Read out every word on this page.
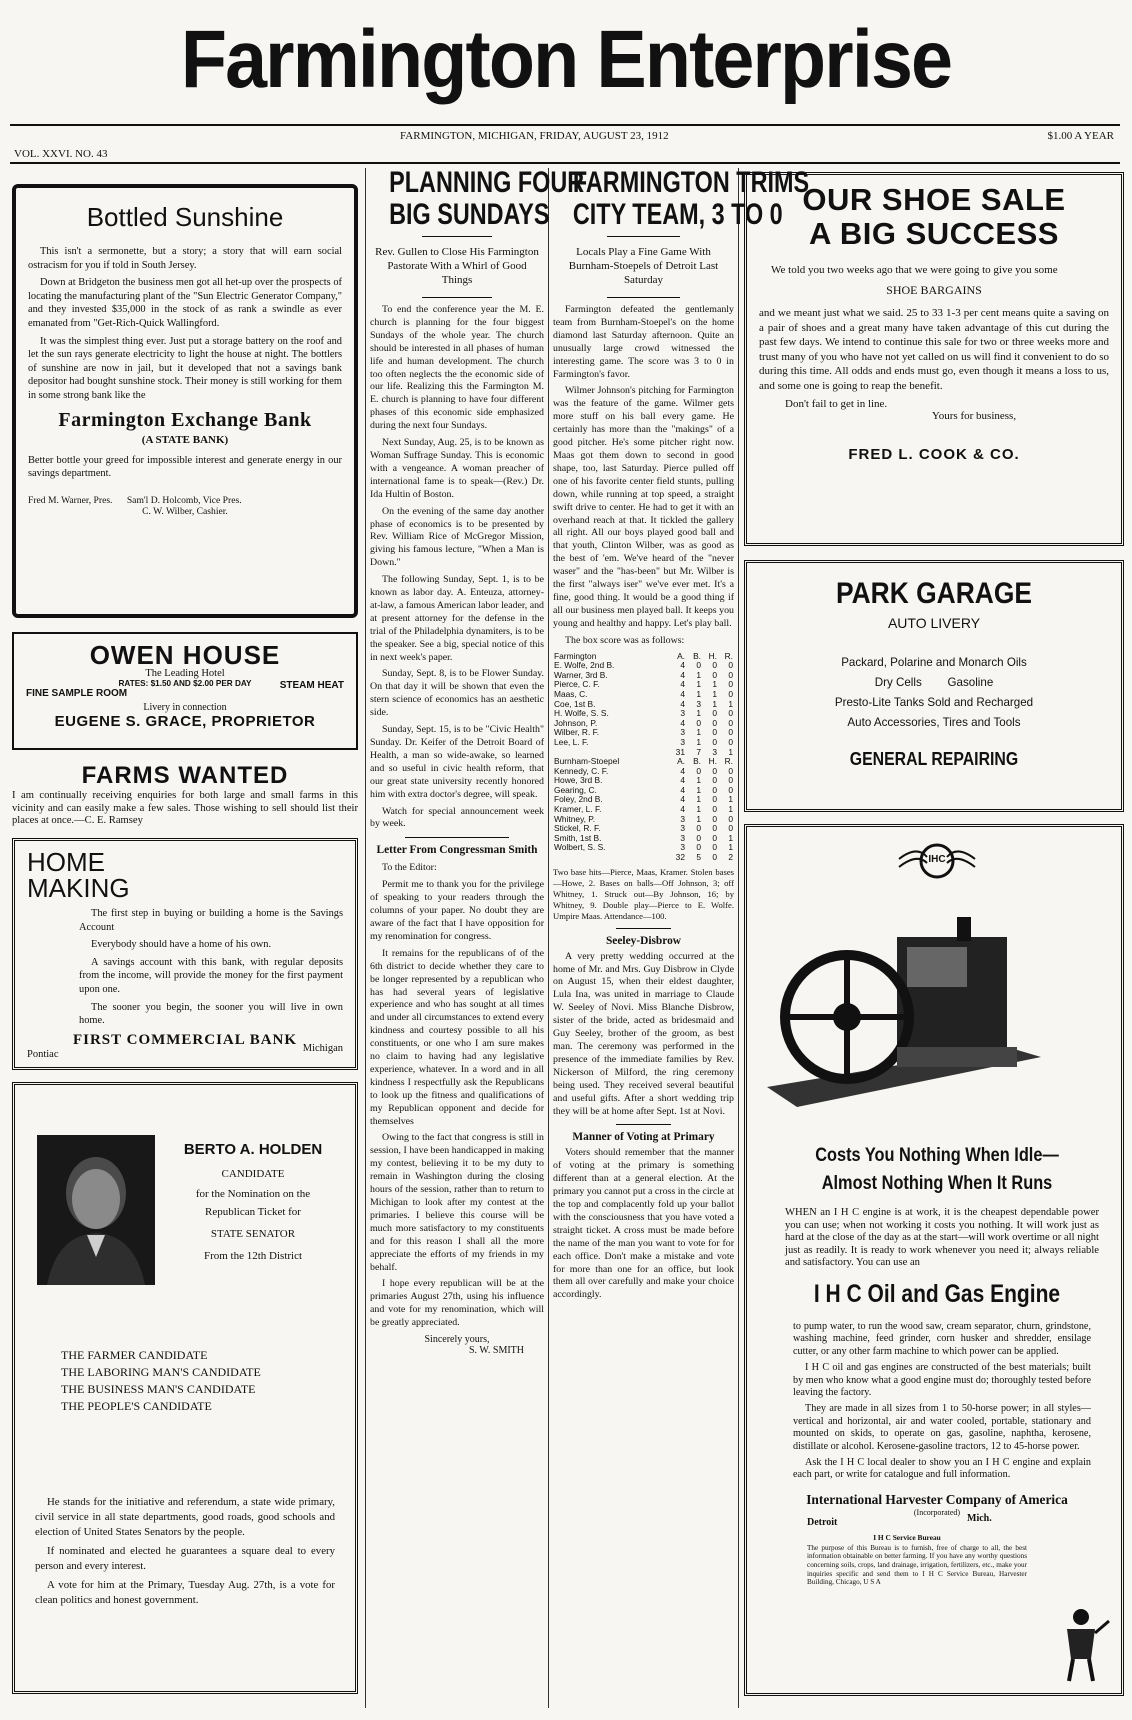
Farmington Enterprise
VOL. XXVI. NO. 43
FARMINGTON, MICHIGAN, FRIDAY, AUGUST 23, 1912	$1.00 A YEAR
Bottled Sunshine

This isn't a sermonette, but a story; a story that will earn social ostracism for you if told in South Jersey.

Down at Bridgeton the business men got all het-up over the prospects of locating the manufacturing plant of the "Sun Electric Generator Company," and they invested $35,000 in the stock of as rank a swindle as ever emanated from "Get-Rich-Quick Wallingford.

It was the simplest thing ever. Just put a storage battery on the roof and let the sun rays generate electricity to light the house at night. The bottlers of sunshine are now in jail, but it developed that not a savings bank depositor had bought sunshine stock. Their money is still working for them in some strong bank like the

Farmington Exchange Bank
(A STATE BANK)
Better bottle your greed for impossible interest and generate energy in our savings department.
Fred M. Warner, Pres.      Sam'l D. Holcomb, Vice Pres.
C. W. Wilber, Cashier.
OWEN HOUSE
The Leading Hotel
RATES: $1.50 AND $2.00 PER DAY
FINE SAMPLE ROOM
STEAM HEAT
Livery in connection
EUGENE S. GRACE, PROPRIETOR
FARMS WANTED
I am continually receiving enquiries for both large and small farms in this vicinity and can easily make a few sales. Those wishing to sell should list their places at once.—C. E. Ramsey
HOME
MAKING

The first step in buying or building a home is the Savings Account

Everybody should have a home of his own.

A savings account with this bank, with regular deposits from the income, will provide the money for the first payment upon one.

The sooner you begin, the sooner you will live in own home.

FIRST COMMERCIAL BANK
Pontiac
Michigan
BERTO A. HOLDEN
CANDIDATE
for the Nomination on the
Republican Ticket for
STATE SENATOR
From the 12th District
THE FARMER CANDIDATE
THE LABORING MAN'S CANDIDATE
THE BUSINESS MAN'S CANDIDATE
THE PEOPLE'S CANDIDATE

He stands for the initiative and referendum, a state wide primary, civil service in all state departments, good roads, good schools and election of United States Senators by the people.

If nominated and elected he guarantees a square deal to every person and every interest.

A vote for him at the Primary, Tuesday Aug. 27th, is a vote for clean politics and honest government.

PLANNING FOUR
BIG SUNDAYS
Rev. Gullen to Close His Farmington Pastorate With a Whirl of Good Things

To end the conference year the M. E. church is planning for the four biggest Sundays of the whole year. The church should be interested in all phases of human life and human development. The church too often neglects the the economic side of our life. Realizing this the Farmington M. E. church is planning to have four different phases of this economic side emphasized during the next four Sundays.

Next Sunday, Aug. 25, is to be known as Woman Suffrage Sunday. This is economic with a vengeance. A woman preacher of international fame is to speak—(Rev.) Dr. Ida Hultin of Boston.

On the evening of the same day another phase of economics is to be presented by Rev. William Rice of McGregor Mission, giving his famous lecture, "When a Man is Down."

The following Sunday, Sept. 1, is to be known as labor day. A. Enteuza, attorney-at-law, a famous American labor leader, and at present attorney for the defense in the trial of the Philadelphia dynamiters, is to be the speaker. See a big, special notice of this in next week's paper.

Sunday, Sept. 8, is to be Flower Sunday. On that day it will be shown that even the stern science of economics has an aesthetic side.

Sunday, Sept. 15, is to be "Civic Health" Sunday. Dr. Keifer of the Detroit Board of Health, a man so wide-awake, so learned and so useful in civic health reform, that our great state university recently honored him with extra doctor's degree, will speak.

Watch for special announcement week by week.

Letter From Congressman Smith

To the Editor:

Permit me to thank you for the privilege of speaking to your readers through the columns of your paper. No doubt they are aware of the fact that I have opposition for my renomination for congress.

It remains for the republicans of of the 6th district to decide whether they care to be longer represented by a republican who has had several years of legislative experience and who has sought at all times and under all circumstances to extend every kindness and courtesy possible to all his constituents, or one who I am sure makes no claim to having had any legislative experience, whatever. In a word and in all kindness I respectfully ask the Republicans to look up the fitness and qualifications of my Republican opponent and decide for themselves

Owing to the fact that congress is still in session, I have been handicapped in making my contest, believing it to be my duty to remain in Washington during the closing hours of the session, rather than to return to Michigan to look after my contest at the primaries. I believe this course will be much more satisfactory to my constituents and for this reason I shall all the more appreciate the efforts of my friends in my behalf.

I hope every republican will be at the primaries August 27th, using his influence and vote for my renomination, which will be greatly appreciated.

Sincerely yours,
S. W. SMITH
FARMINGTON TRIMS
CITY TEAM, 3 TO 0
Locals Play a Fine Game With Burnham-Stoepels of Detroit Last Saturday

Farmington defeated the gentlemanly team from Burnham-Stoepel's on the home diamond last Saturday afternoon. Quite an unusually large crowd witnessed the interesting game. The score was 3 to 0 in Farmington's favor.

Wilmer Johnson's pitching for Farmington was the feature of the game. Wilmer gets more stuff on his ball every game. He certainly has more than the "makings" of a good pitcher. He's some pitcher right now. Maas got them down to second in good shape, too, last Saturday. Pierce pulled off one of his favorite center field stunts, pulling down, while running at top speed, a straight swift drive to center. He had to get it with an overhand reach at that. It tickled the gallery all right. All our boys played good ball and that youth, Clinton Wilber, was as good as the best of 'em. We've heard of the "never waser" and the "has-been" but Mr. Wilber is the first "always iser" we've ever met. It's a fine, good thing. It would be a good thing if all our business men played ball. It keeps you young and healthy and happy. Let's play ball.

The box score was as follows:

Farmington	A.	B.	H.	R.
E. Wolfe, 2nd B.	4	0	0	0
Warner, 3rd B.	4	1	0	0
Pierce, C. F.	4	1	1	0
Maas, C.	4	1	1	0
Coe, 1st B.	4	3	1	1
H. Wolfe, S. S.	3	1	0	0
Johnson, P.	4	0	0	0
Wilber, R. F.	3	1	0	0
Lee, L. F.	3	1	0	0
	31	7	3	1
Burnham-Stoepel	A.	B.	H.	R.
Kennedy, C. F.	4	0	0	0
Howe, 3rd B.	4	1	0	0
Gearing, C.	4	1	0	0
Foley, 2nd B.	4	1	0	1
Kramer, L. F.	4	1	0	1
Whitney, P.	3	1	0	0
Stickel, R. F.	3	0	0	0
Smith, 1st B.	3	0	0	1
Wolbert, S. S.	3	0	0	1
	32	5	0	2
Two base hits—Pierce, Maas, Kramer. Stolen bases—Howe, 2. Bases on balls—Off Johnson, 3; off Whitney, 1. Struck out—By Johnson, 16; by Whitney, 9. Double play—Pierce to E. Wolfe. Umpire Maas. Attendance—100.
Seeley-Disbrow

A very pretty wedding occurred at the home of Mr. and Mrs. Guy Disbrow in Clyde on August 15, when their eldest daughter, Lula Ina, was united in marriage to Claude W. Seeley of Novi. Miss Blanche Disbrow, sister of the bride, acted as bridesmaid and Guy Seeley, brother of the groom, as best man. The ceremony was performed in the presence of the immediate families by Rev. Nickerson of Milford, the ring ceremony being used. They received several beautiful and useful gifts. After a short wedding trip they will be at home after Sept. 1st at Novi.

Manner of Voting at Primary

Voters should remember that the manner of voting at the primary is something different than at a general election. At the primary you cannot put a cross in the circle at the top and complacently fold up your ballot with the consciousness that you have voted a straight ticket. A cross must be made before the name of the man you want to vote for for each office. Don't make a mistake and vote for more than one for an office, but look them all over carefully and make your choice accordingly.

OUR SHOE SALE
A BIG SUCCESS

We told you two weeks ago that we were going to give you some

SHOE BARGAINS

and we meant just what we said. 25 to 33 1-3 per cent means quite a saving on a pair of shoes and a great many have taken advantage of this cut during the past few days. We intend to continue this sale for two or three weeks more and trust many of you who have not yet called on us will find it convenient to do so during this time. All odds and ends must go, even though it means a loss to us, and some one is going to reap the benefit.

Don't fail to get in line.
Yours for business,
FRED L. COOK & CO.
PARK GARAGE
AUTO LIVERY
Packard, Polarine and Monarch Oils
Dry Cells        Gasoline
Presto-Lite Tanks Sold and Recharged
Auto Accessories, Tires and Tools
GENERAL REPAIRING
IHC
Costs You Nothing When Idle—
Almost Nothing When It Runs

WHEN an I H C engine is at work, it is the cheapest dependable power you can use; when not working it costs you nothing. It will work just as hard at the close of the day as at the start—will work overtime or all night just as readily. It is ready to work whenever you need it; always reliable and satisfactory. You can use an

I H C Oil and Gas Engine

to pump water, to run the wood saw, cream separator, churn, grindstone, washing machine, feed grinder, corn husker and shredder, ensilage cutter, or any other farm machine to which power can be applied.

I H C oil and gas engines are constructed of the best materials; built by men who know what a good engine must do; thoroughly tested before leaving the factory.

They are made in all sizes from 1 to 50-horse power; in all styles—vertical and horizontal, air and water cooled, portable, stationary and mounted on skids, to operate on gas, gasoline, naphtha, kerosene, distillate or alcohol. Kerosene-gasoline tractors, 12 to 45-horse power.

Ask the I H C local dealer to show you an I H C engine and explain each part, or write for catalogue and full information.

International Harvester Company of America
(Incorporated)
Detroit	Mich.
I H C Service Bureau
The purpose of this Bureau is to furnish, free of charge to all, the best information obtainable on better farming. If you have any worthy questions concerning soils, crops, land drainage, irrigation, fertilizers, etc., make your inquiries specific and send them to I H C Service Bureau, Harvester Building, Chicago, U S A
